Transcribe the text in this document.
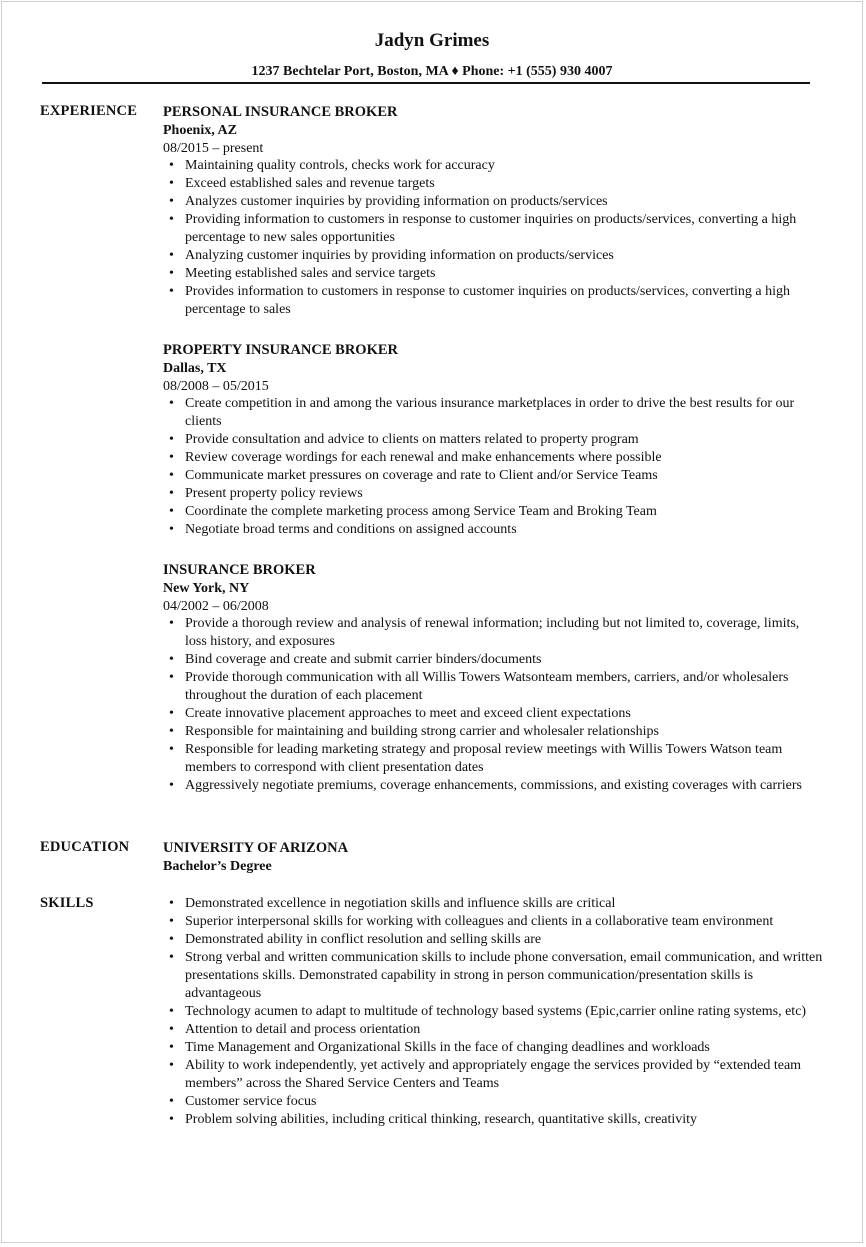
Jadyn Grimes
1237 Bechtelar Port, Boston, MA ♦ Phone: +1 (555) 930 4007
EXPERIENCE PERSONAL INSURANCE BROKER
Phoenix, AZ
08/2015 – present
• Maintaining quality controls, checks work for accuracy
• Exceed established sales and revenue targets
• Analyzes customer inquiries by providing information on products/services
• Providing information to customers in response to customer inquiries on products/services, converting a high percentage to new sales opportunities
• Analyzing customer inquiries by providing information on products/services
• Meeting established sales and service targets
• Provides information to customers in response to customer inquiries on products/services, converting a high percentage to sales
PROPERTY INSURANCE BROKER
Dallas, TX
08/2008 – 05/2015
• Create competition in and among the various insurance marketplaces in order to drive the best results for our clients
• Provide consultation and advice to clients on matters related to property program
• Review coverage wordings for each renewal and make enhancements where possible
• Communicate market pressures on coverage and rate to Client and/or Service Teams
• Present property policy reviews
• Coordinate the complete marketing process among Service Team and Broking Team
• Negotiate broad terms and conditions on assigned accounts
INSURANCE BROKER
New York, NY
04/2002 – 06/2008
• Provide a thorough review and analysis of renewal information; including but not limited to, coverage, limits, loss history, and exposures
• Bind coverage and create and submit carrier binders/documents
• Provide thorough communication with all Willis Towers Watsonteam members, carriers, and/or wholesalers throughout the duration of each placement
• Create innovative placement approaches to meet and exceed client expectations
• Responsible for maintaining and building strong carrier and wholesaler relationships
• Responsible for leading marketing strategy and proposal review meetings with Willis Towers Watson team members to correspond with client presentation dates
• Aggressively negotiate premiums, coverage enhancements, commissions, and existing coverages with carriers
EDUCATION UNIVERSITY OF ARIZONA
Bachelor’s Degree
SKILLS
•	Demonstrated excellence in negotiation skills and influence skills are critical
• Superior interpersonal skills for working with colleagues and clients in a collaborative team environment
• Demonstrated ability in conflict resolution and selling skills are
• Strong verbal and written communication skills to include phone conversation, email communication, and written presentations skills. Demonstrated capability in strong in person communication/presentation skills is advantageous
• Technology acumen to adapt to multitude of technology based systems (Epic,carrier online rating systems, etc)
• Attention to detail and process orientation
• Time Management and Organizational Skills in the face of changing deadlines and workloads
• Ability to work independently, yet actively and appropriately engage the services provided by “extended team members” across the Shared Service Centers and Teams
• Customer service focus
• Problem solving abilities, including critical thinking, research, quantitative skills, creativity
